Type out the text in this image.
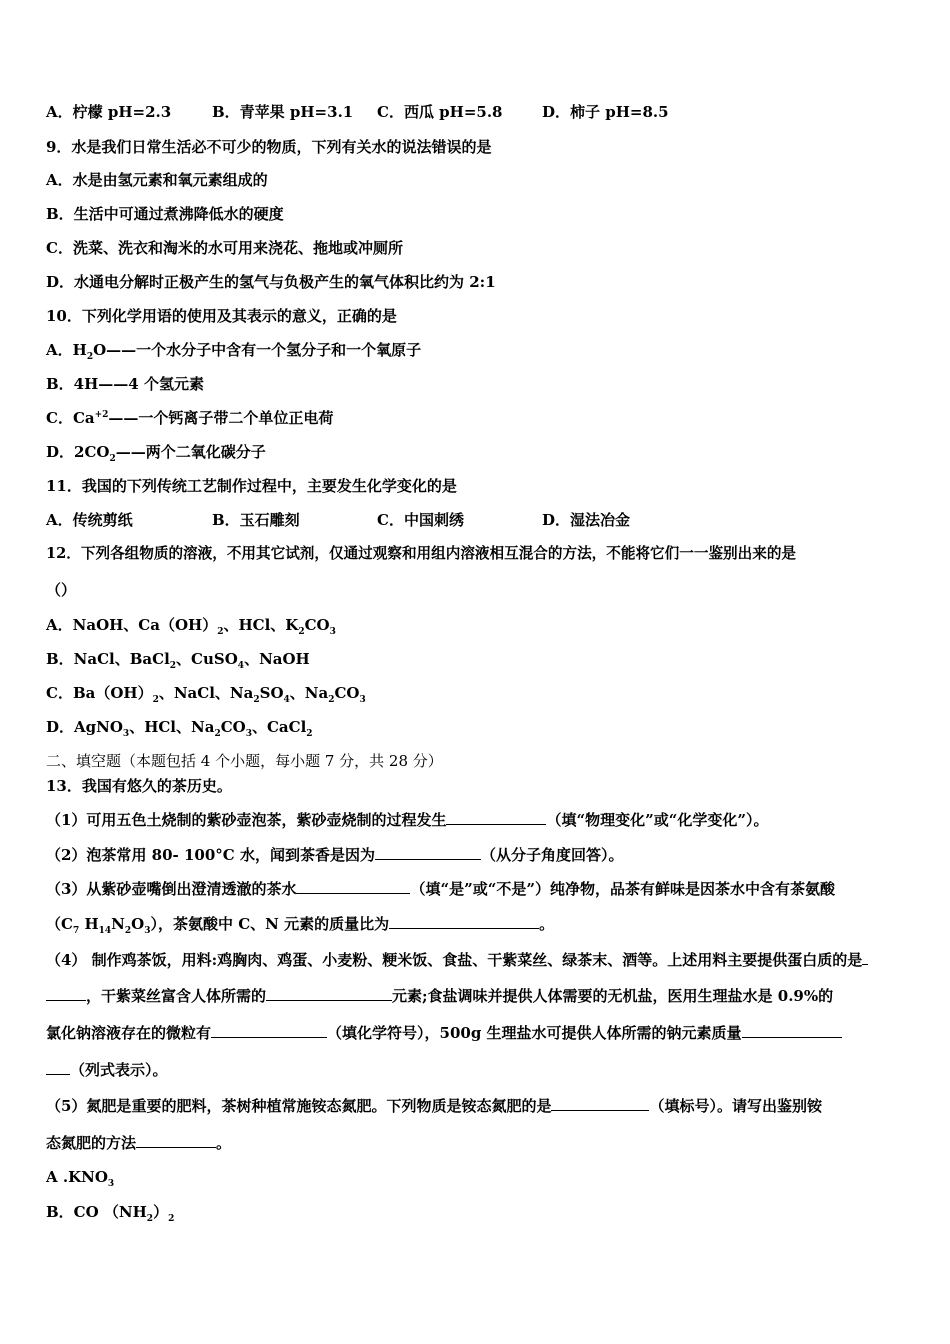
A．柠檬 pH=2.3	B．青苹果 pH=3.1 C．西瓜 pH=5.8	D．柿子 pH=8.5
9．水是我们日常生活必不可少的物质，下列有关水的说法错误的是
A．水是由氢元素和氧元素组成的
B．生活中可通过煮沸降低水的硬度
C．洗菜、洗衣和淘米的水可用来浇花、拖地或冲厕所
D．水通电分解时正极产生的氢气与负极产生的氧气体积比约为 2:1
10．下列化学用语的使用及其表示的意义，正确的是
A．$H_2O——$一个水分子中含有一个氢分子和一个氧原子
B．4H——4 个氢元素
C．$Ca^{+2}——$一个钙离子带二个单位正电荷
D．$2CO_2——$两个二氧化碳分子
11．我国的下列传统工艺制作过程中，主要发生化学变化的是
A．传统剪纸	B．玉石雕刻	C．中国刺绣	D．湿法冶金
12．下列各组物质的溶液，不用其它试剂，仅通过观察和用组内溶液相互混合的方法，不能将它们一一鉴别出来的是
（）
A．NaOH、$Ca(OH)_2$、HCl、$K_2CO_3$
B．NaCl、BaCl$_2$、CuSO$_4$、NaOH
C．$Ba(OH)_2$、NaCl、$Na_2SO_4$、$Na_2CO_3$
D．AgNO$_3$、HCl、$Na_2CO_3$、CaCl$_2$
二、填空题（本题包括 4 个小题，每小题 7 分，共 28 分）
13．我国有悠久的茶历史。
（1）可用五色土烧制的紫砂壶泡茶，紫砂壶烧制的过程发生	（填“物理变化”或“化学变化”）。
（2）泡茶常用 80- 100°C 水，闻到茶香是因为	（从分子角度回答）。
（3）从紫砂壶嘴倒出澄清透澈的茶水	（填“是”或“不是”）纯净物，品茶有鲜味是因茶水中含有茶氨酸
（$C_7$ $H_{14}N_2O_3$），茶氨酸中 C、N 元素的质量比为	。
（4） 制作鸡茶饭，用料:鸡胸肉、鸡蛋、小麦粉、粳米饭、食盐、干紫菜丝、绿茶末、酒等。上述用料主要提供蛋白质的是
，干紫菜丝富含人体所需的	元素;食盐调味并提供人体需要的无机盐，医用生理盐水是 0.9%的
氯化钠溶液存在的微粒有	（填化学符号），500g 生理盐水可提供人体所需的钠元素质量
（列式表示）。
（5）氮肥是重要的肥料，茶树种植常施铵态氮肥。下列物质是铵态氮肥的是	（填标号）。请写出鉴别铵
态氮肥的方法	。
A $.KNO_3$
B．CO $(NH_2)_2$
